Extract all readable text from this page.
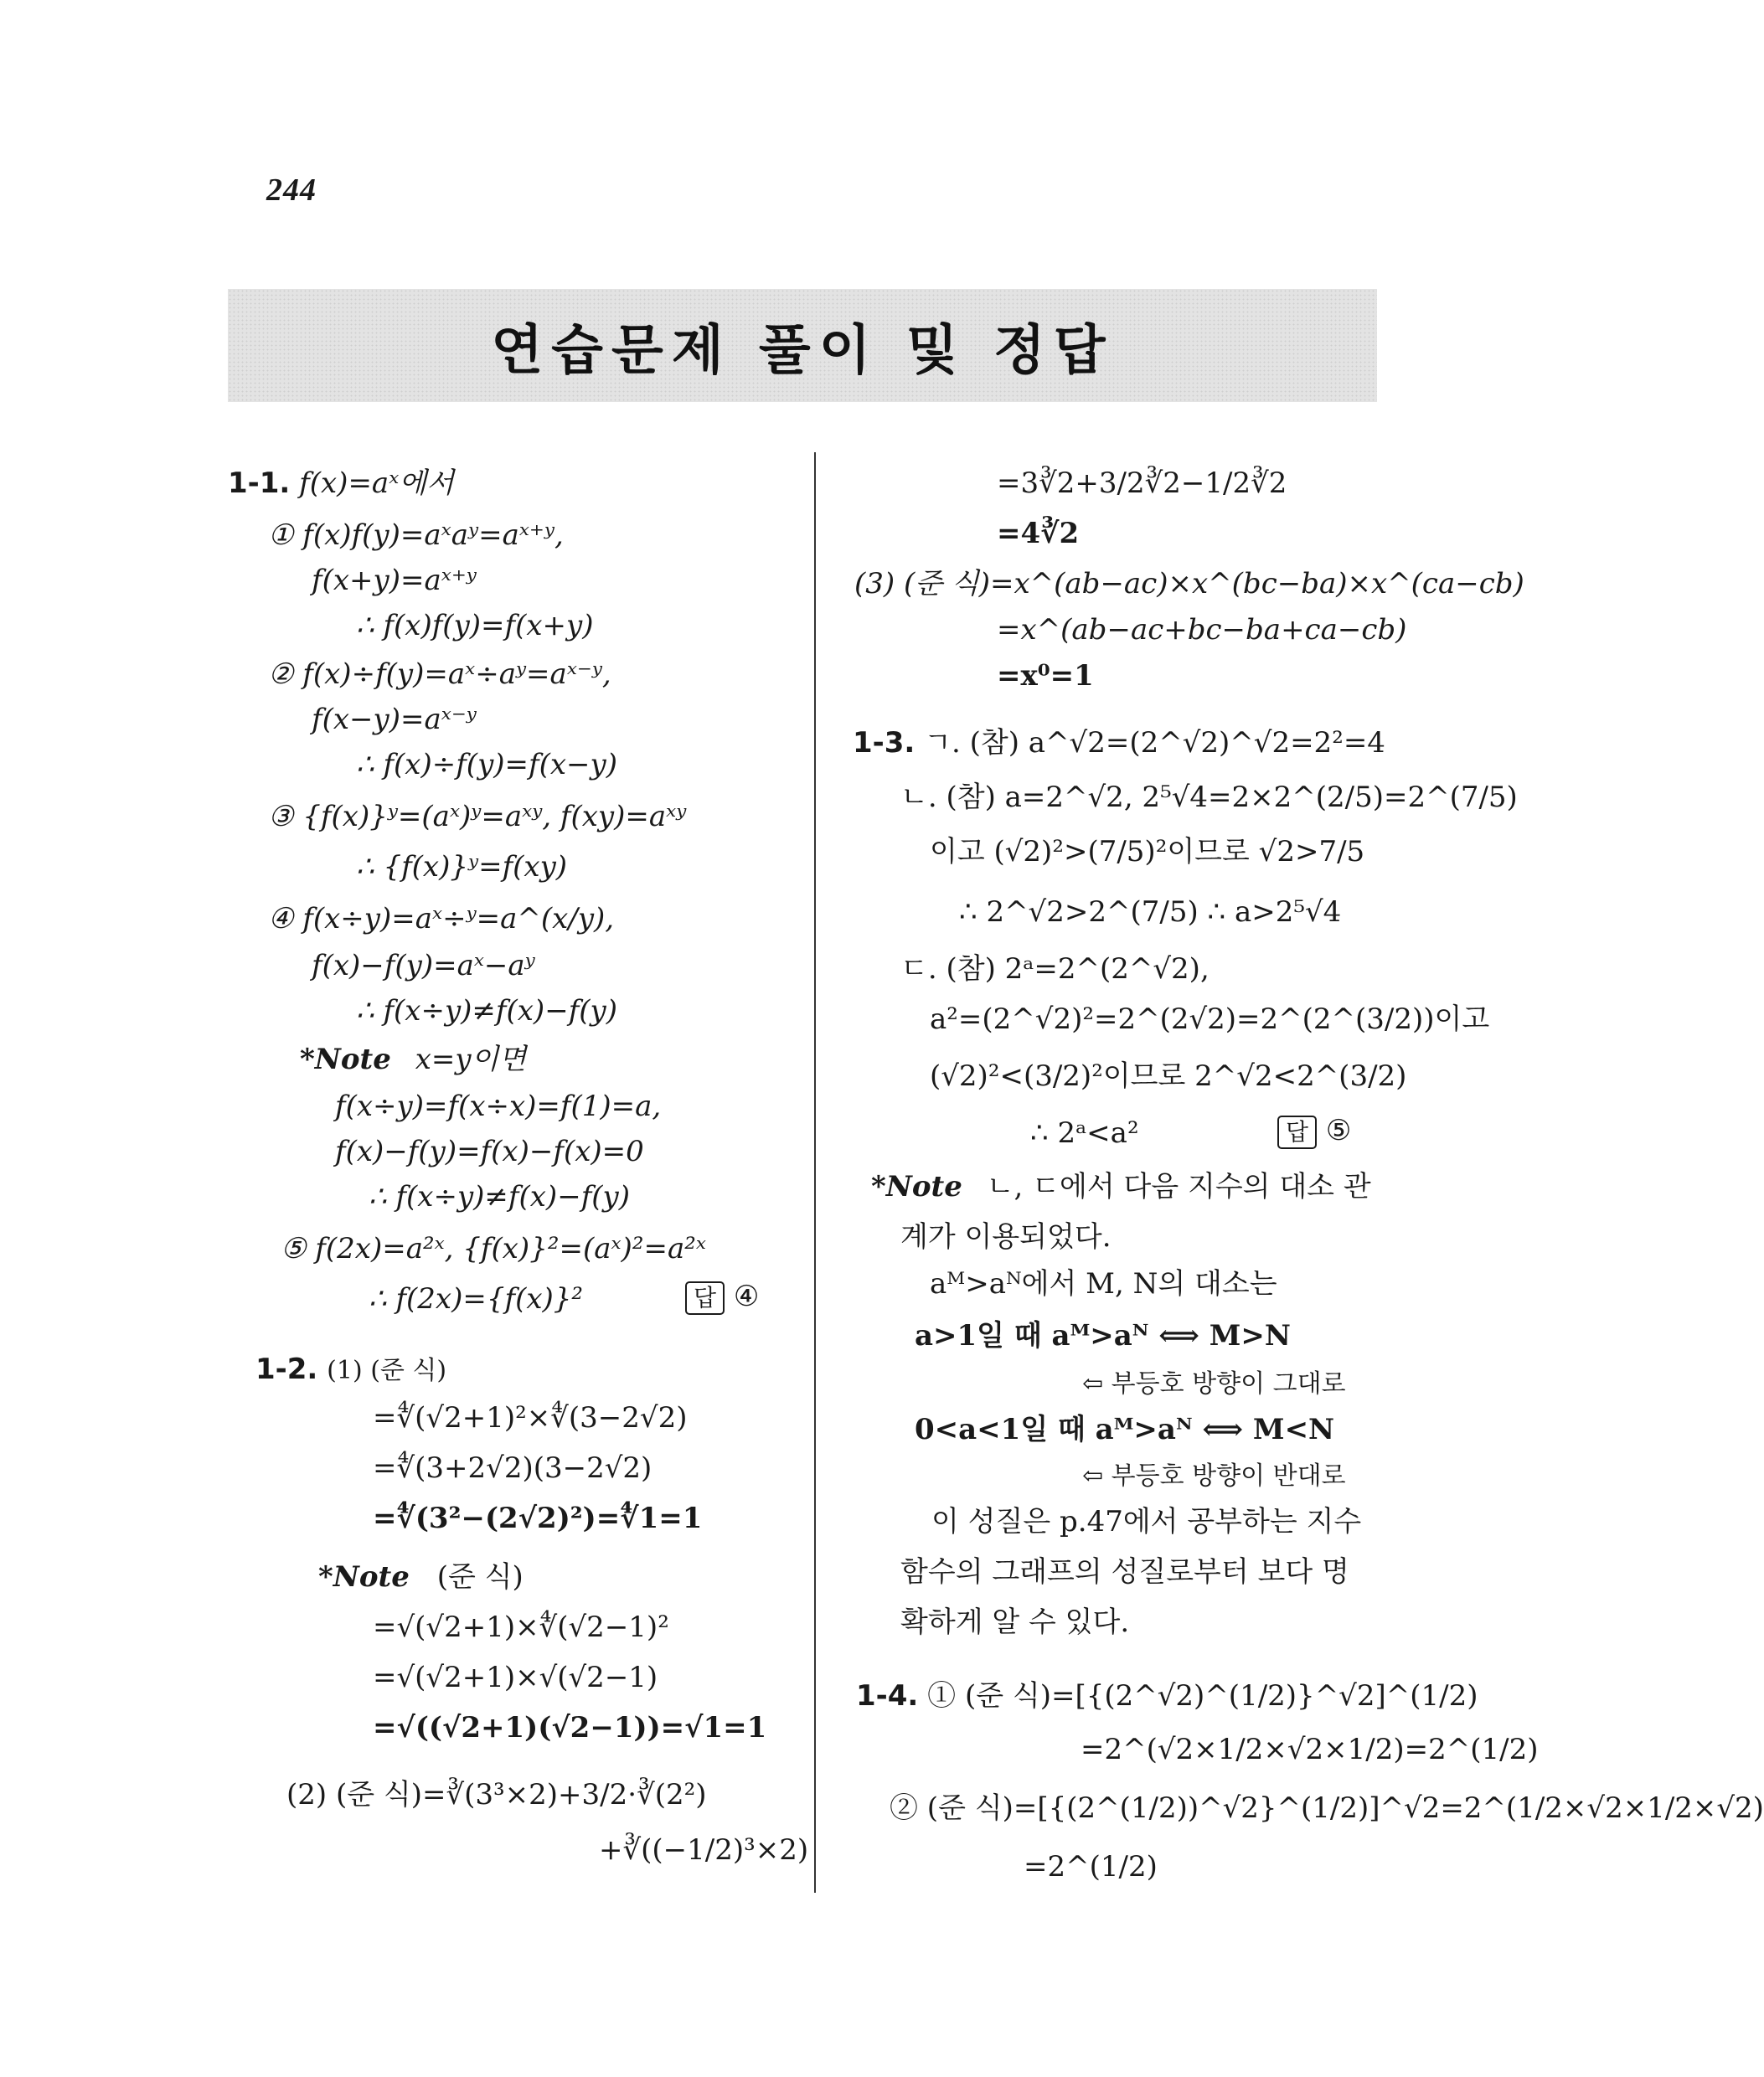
244
연습문제 풀이 및 정답
1-1. f(x)=aˣ에서
① f(x)f(y)=aˣaʸ=aˣ⁺ʸ,
f(x+y)=aˣ⁺ʸ
∴ f(x)f(y)=f(x+y)
② f(x)÷f(y)=aˣ÷aʸ=aˣ⁻ʸ,
f(x−y)=aˣ⁻ʸ
∴ f(x)÷f(y)=f(x−y)
③ {f(x)}ʸ=(aˣ)ʸ=aˣʸ, f(xy)=aˣʸ
∴ {f(x)}ʸ=f(xy)
④ f(x÷y)=aˣ÷ʸ=a^(x/y),
f(x)−f(y)=aˣ−aʸ
∴ f(x÷y)≠f(x)−f(y)
*Note x=y이면
f(x÷y)=f(x÷x)=f(1)=a,
f(x)−f(y)=f(x)−f(x)=0
∴ f(x÷y)≠f(x)−f(y)
⑤ f(2x)=a²ˣ, {f(x)}²=(aˣ)²=a²ˣ
∴ f(2x)={f(x)}²	답 ④
1-2. (1) (준 식)
=∜(√2+1)²×∜(3−2√2)
=∜(3+2√2)(3−2√2)
=∜(3²−(2√2)²)=∜1=1
*Note (준 식)
=√(√2+1)×∜(√2−1)²
=√(√2+1)×√(√2−1)
=√((√2+1)(√2−1))=√1=1
(2) (준 식)=∛(3³×2)+3/2·∛(2²)
+∛((−1/2)³×2)
=3∛2+3/2∛2−1/2∛2
=4∛2
(3) (준 식)=x^(ab−ac)×x^(bc−ba)×x^(ca−cb)
=x^(ab−ac+bc−ba+ca−cb)
=x⁰=1
1-3. ㄱ. (참) a^√2=(2^√2)^√2=2²=4
ㄴ. (참) a=2^√2, 2⁵√4=2×2^(2/5)=2^(7/5)
이고 (√2)²>(7/5)²이므로 √2>7/5
∴ 2^√2>2^(7/5) ∴ a>2⁵√4
ㄷ. (참) 2ᵃ=2^(2^√2),
a²=(2^√2)²=2^(2√2)=2^(2^(3/2))이고
(√2)²<(3/2)²이므로 2^√2<2^(3/2)
∴ 2ᵃ<a²	답 ⑤
*Note ㄴ, ㄷ에서 다음 지수의 대소 관
계가 이용되었다.
aᴹ>aᴺ에서 M, N의 대소는
a>1일 때 aᴹ>aᴺ ⟺ M>N
⇦ 부등호 방향이 그대로
0<a<1일 때 aᴹ>aᴺ ⟺ M<N
⇦ 부등호 방향이 반대로
이 성질은 p.47에서 공부하는 지수
함수의 그래프의 성질로부터 보다 명
확하게 알 수 있다.
1-4. ① (준 식)=[{(2^√2)^(1/2)}^√2]^(1/2)
=2^(√2×1/2×√2×1/2)=2^(1/2)
② (준 식)=[{(2^(1/2))^√2}^(1/2)]^√2=2^(1/2×√2×1/2×√2)
=2^(1/2)
